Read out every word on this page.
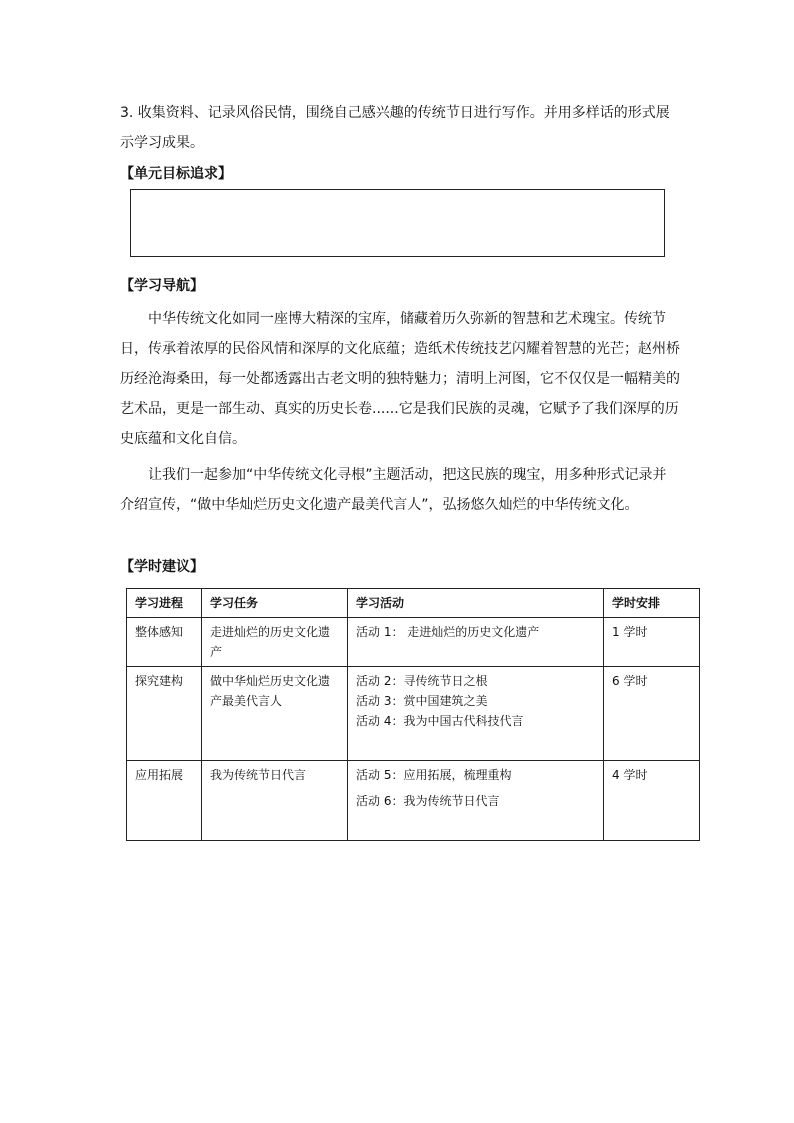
3. 收集资料、记录风俗民情，围绕自己感兴趣的传统节日进行写作。并用多样话的形式展示学习成果。

【单元目标追求】
【学习导航】

中华传统文化如同一座博大精深的宝库，储藏着历久弥新的智慧和艺术瑰宝。传统节日，传承着浓厚的民俗风情和深厚的文化底蕴；造纸术传统技艺闪耀着智慧的光芒；赵州桥历经沧海桑田，每一处都透露出古老文明的独特魅力；清明上河图，它不仅仅是一幅精美的艺术品，更是一部生动、真实的历史长卷......它是我们民族的灵魂，它赋予了我们深厚的历史底蕴和文化自信。

让我们一起参加“中华传统文化寻根”主题活动，把这民族的瑰宝，用多种形式记录并介绍宣传，“做中华灿烂历史文化遗产最美代言人”，弘扬悠久灿烂的中华传统文化。

【学时建议】
学习进程	学习任务	学习活动	学时安排
整体感知	走进灿烂的历史文化遗产	活动 1： 走进灿烂的历史文化遗产	1 学时
探究建构	做中华灿烂历史文化遗产最美代言人	活动 2：寻传统节日之根
活动 3：赏中国建筑之美
活动 4：我为中国古代科技代言	6 学时
应用拓展	我为传统节日代言	活动 5：应用拓展，梳理重构
活动 6：我为传统节日代言	4 学时
